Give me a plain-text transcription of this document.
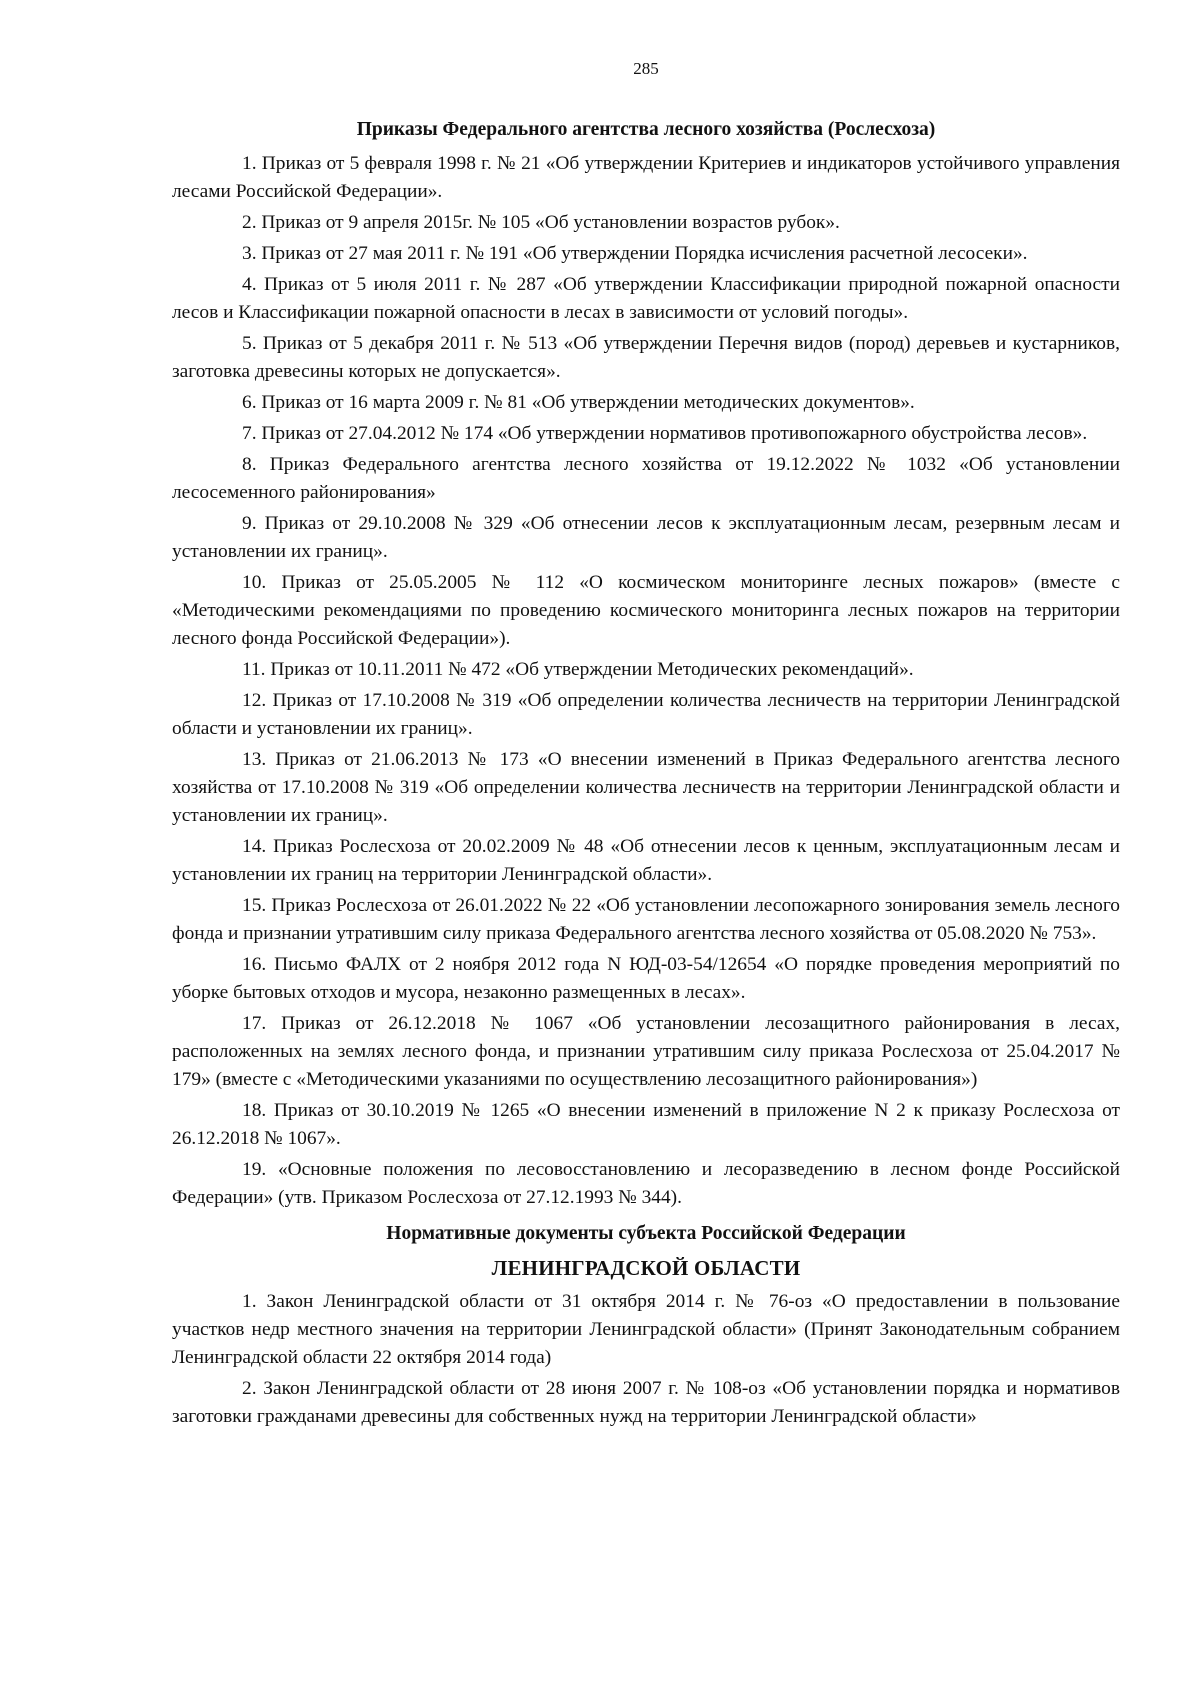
285

Приказы Федерального агентства лесного хозяйства (Рослесхоза)

1. Приказ от 5 февраля 1998 г. № 21 «Об утверждении Критериев и индикаторов устойчивого управления лесами Российской Федерации».

2. Приказ от 9 апреля 2015г. № 105 «Об установлении возрастов рубок».

3. Приказ от 27 мая 2011 г. № 191 «Об утверждении Порядка исчисления расчетной лесосеки».

4. Приказ от 5 июля 2011 г. № 287 «Об утверждении Классификации природной пожарной опасности лесов и Классификации пожарной опасности в лесах в зависимости от условий погоды».

5. Приказ от 5 декабря 2011 г. № 513 «Об утверждении Перечня видов (пород) деревьев и кустарников, заготовка древесины которых не допускается».

6. Приказ от 16 марта 2009 г. № 81 «Об утверждении методических документов».

7. Приказ от 27.04.2012 № 174 «Об утверждении нормативов противопожарного обустройства лесов».

8. Приказ Федерального агентства лесного хозяйства от 19.12.2022 № 1032 «Об установлении лесосеменного районирования»

9. Приказ от 29.10.2008 № 329 «Об отнесении лесов к эксплуатационным лесам, резервным лесам и установлении их границ».

10. Приказ от 25.05.2005 № 112 «О космическом мониторинге лесных пожаров» (вместе с «Методическими рекомендациями по проведению космического мониторинга лесных пожаров на территории лесного фонда Российской Федерации»).

11. Приказ от 10.11.2011 № 472 «Об утверждении Методических рекомендаций».

12. Приказ от 17.10.2008 № 319 «Об определении количества лесничеств на территории Ленинградской области и установлении их границ».

13. Приказ от 21.06.2013 № 173 «О внесении изменений в Приказ Федерального агентства лесного хозяйства от 17.10.2008 № 319 «Об определении количества лесничеств на территории Ленинградской области и установлении их границ».

14. Приказ Рослесхоза от 20.02.2009 № 48 «Об отнесении лесов к ценным, эксплуатационным лесам и установлении их границ на территории Ленинградской области».

15. Приказ Рослесхоза от 26.01.2022 № 22 «Об установлении лесопожарного зонирования земель лесного фонда и признании утратившим силу приказа Федерального агентства лесного хозяйства от 05.08.2020 № 753».

16. Письмо ФАЛХ от 2 ноября 2012 года N ЮД-03-54/12654 «О порядке проведения мероприятий по уборке бытовых отходов и мусора, незаконно размещенных в лесах».

17. Приказ от 26.12.2018 № 1067 «Об установлении лесозащитного районирования в лесах, расположенных на землях лесного фонда, и признании утратившим силу приказа Рослесхоза от 25.04.2017 № 179» (вместе с «Методическими указаниями по осуществлению лесозащитного районирования»)

18. Приказ от 30.10.2019 № 1265 «О внесении изменений в приложение N 2 к приказу Рослесхоза от 26.12.2018 № 1067».

19. «Основные положения по лесовосстановлению и лесоразведению в лесном фонде Российской Федерации» (утв. Приказом Рослесхоза от 27.12.1993 № 344).

Нормативные документы субъекта Российской Федерации

ЛЕНИНГРАДСКОЙ ОБЛАСТИ

1. Закон Ленинградской области от 31 октября 2014 г. № 76-оз «О предоставлении в пользование участков недр местного значения на территории Ленинградской области» (Принят Законодательным собранием Ленинградской области 22 октября 2014 года)

2. Закон Ленинградской области от 28 июня 2007 г. № 108-оз «Об установлении порядка и нормативов заготовки гражданами древесины для собственных нужд на территории Ленинградской области»
